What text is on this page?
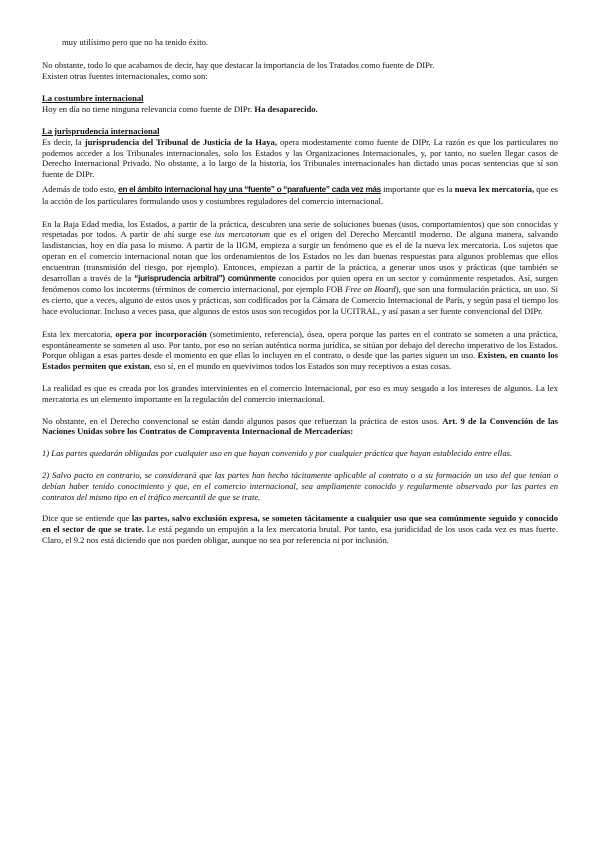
muy utilísimo pero que no ha tenido éxito.

No obstante, todo lo que acabamos de decir, hay que destacar la importancia de los Tratados como fuente de DIPr.

Existen otras fuentes internacionales, como son:

La costumbre internacional

Hoy en día no tiene ninguna relevancia como fuente de DIPr. Ha desaparecido.

La jurisprudencia internacional

Es decir, la jurisprudencia del Tribunal de Justicia de la Haya, opera modestamente como fuente de DIPr. La razón es que los particulares no podemos acceder a los Tribunales internacionales, solo los Estados y las Organizaciones Internacionales, y, por tanto, no suelen llegar casos de Derecho Internacional Privado. No obstante, a lo largo de la historia, los Tribunales internacionales han dictado unas pocas sentencias que sí son fuente de DIPr.

Además de todo esto, en el ámbito internacional hay una “fuente” o “parafuente” cada vez más importante que es la nueva lex mercatoria, que es la acción de los particulares formulando usos y costumbres reguladores del comercio internacional.

En la Baja Edad media, los Estados, a partir de la práctica, descubren una serie de soluciones buenas (usos, comportamientos) que son conocidas y respetadas por todos. A partir de ahí surge ese ius mercatorum que es el origen del Derecho Mercantil moderno. De alguna manera, salvando lasdistancias, hoy en día pasa lo mismo. A partir de la IIGM, empieza a surgir un fenómeno que es el de la nueva lex mercatoria. Los sujetos que operan en el comercio internacional notan que los ordenamientos de los Estados no les dan buenas respuestas para algunos problemas que ellos encuentran (transmisión del riesgo, por ejemplo). Entonces, empiezan a partir de la práctica, a generar unos usos y prácticas (que también se desarrollan a través de la “jurisprudencia arbitral”) comúnmente conocidos por quien opera en un sector y comúnmente respetados. Así, surgen fenómenos como los incoterms (términos de comercio internacional, por ejemplo FOB Free on Board), que son una formulación práctica, un uso. Sí es cierto, que a veces, alguno de estos usos y prácticas, son codificados por la Cámara de Comercio Internacional de París, y según pasa el tiempo los hace evolucionar. Incluso a veces pasa, que algunos de estos usos son recogidos por la UCITRAL, y así pasan a ser fuente convencional del DIPr.

Esta lex mercatoria, opera por incorporación (sometimiento, referencia), ósea, opera porque las partes en el contrato se someten a una práctica, espontáneamente se someten al uso. Por tanto, por eso no serían auténtica norma jurídica, se sitúan por debajo del derecho imperativo de los Estados. Porque obligan a esas partes desde el momento en que ellas lo incluyen en el contrato, o desde que las partes siguen un uso. Existen, en cuanto los Estados permiten que existan, eso sí, en el mundo en quevivimos todos los Estados son muy receptivos a estas cosas.

La realidad es que es creada por los grandes intervinientes en el comercio Internacional, por eso es muy sesgado a los intereses de algunos. La lex mercatoria es un elemento importante en la regulación del comercio internacional.

No obstante, en el Derecho convencional se están dando algunos pasos que refuerzan la práctica de estos usos. Art. 9 de la Convención de las Naciones Unidas sobre los Contratos de Compraventa Internacional de Mercaderías:

1) Las partes quedarán obligadas por cualquier uso en que hayan convenido y por cualquier práctica que hayan establecido entre ellas.

2) Salvo pacto en contrario, se considerará que las partes han hecho tácitamente aplicable al contrato o a su formación un uso del que tenían o debían haber tenido conocimiento y que, en el comercio internacional, sea ampliamente conocido y regularmente observado por las partes en contratos del mismo tipo en el tráfico mercantil de que se trate.

Dice que se entiende que las partes, salvo exclusión expresa, se someten tácitamente a cualquier uso que sea comúnmente seguido y conocido en el sector de que se trate. Le está pegando un empujón a la lex mercatoria brutal. Por tanto, esa juridicidad de los usos cada vez es mas fuerte. Claro, el 9.2 nos está diciendo que nos pueden obligar, aunque no sea por referencia ni por inclusión.
